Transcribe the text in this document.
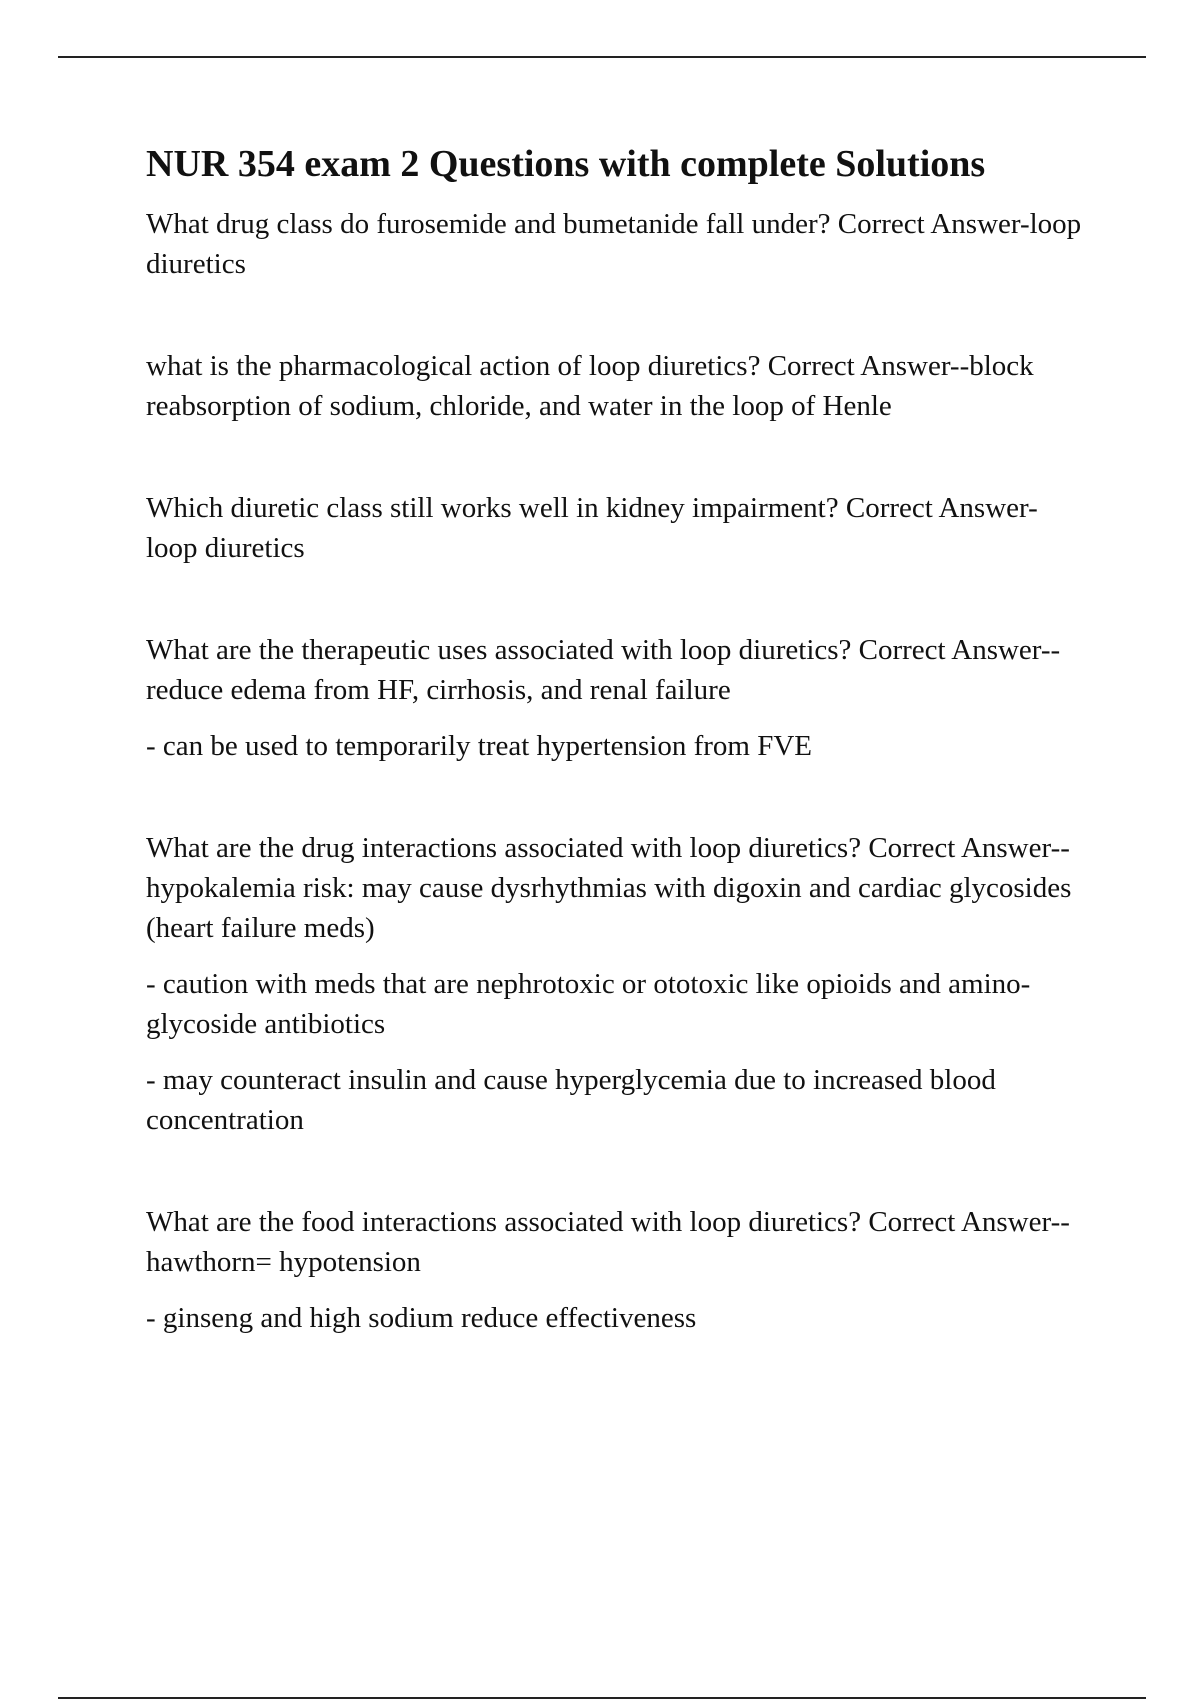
NUR 354 exam 2 Questions with complete Solutions

What drug class do furosemide and bumetanide fall under? Correct Answer-loop diuretics

what is the pharmacological action of loop diuretics? Correct Answer--block reabsorption of sodium, chloride, and water in the loop of Henle

Which diuretic class still works well in kidney impairment? Correct Answer-loop diuretics

What are the therapeutic uses associated with loop diuretics? Correct Answer-- reduce edema from HF, cirrhosis, and renal failure

- can be used to temporarily treat hypertension from FVE

What are the drug interactions associated with loop diuretics? Correct Answer-- hypokalemia risk: may cause dysrhythmias with digoxin and cardiac glycosides (heart failure meds)

- caution with meds that are nephrotoxic or ototoxic like opioids and amino-glycoside antibiotics

- may counteract insulin and cause hyperglycemia due to increased blood concentration

What are the food interactions associated with loop diuretics? Correct Answer-- hawthorn= hypotension

- ginseng and high sodium reduce effectiveness
